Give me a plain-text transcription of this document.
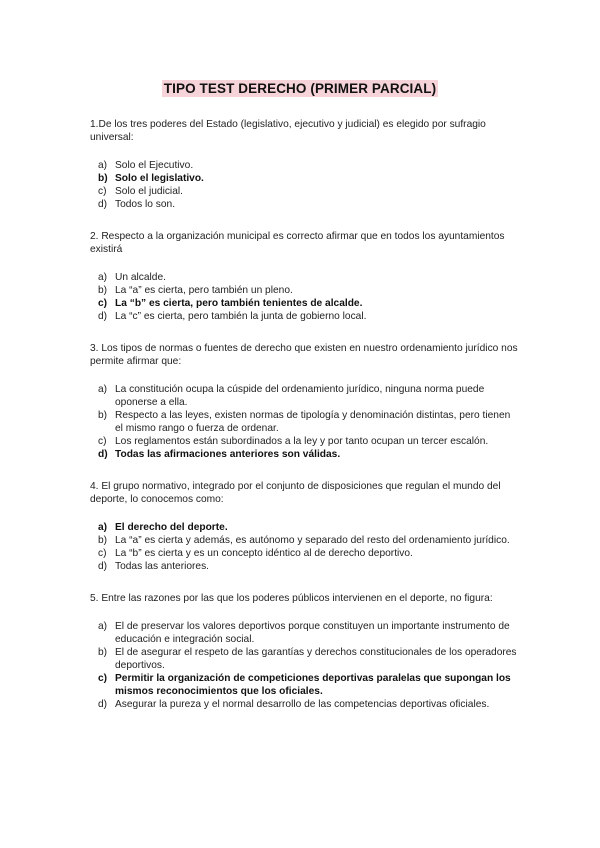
TIPO TEST DERECHO (PRIMER PARCIAL)

1.De los tres poderes del Estado (legislativo, ejecutivo y judicial) es elegido por sufragio universal:

a) Solo el Ejecutivo.
b) Solo el legislativo.
c) Solo el judicial.
d) Todos lo son.

2. Respecto a la organización municipal es correcto afirmar que en todos los ayuntamientos existirá

a) Un alcalde.
b) La “a” es cierta, pero también un pleno.
c) La “b” es cierta, pero también tenientes de alcalde.
d) La “c” es cierta, pero también la junta de gobierno local.

3. Los tipos de normas o fuentes de derecho que existen en nuestro ordenamiento jurídico nos permite afirmar que:

a) La constitución ocupa la cúspide del ordenamiento jurídico, ninguna norma puede oponerse a ella.
b) Respecto a las leyes, existen normas de tipología y denominación distintas, pero tienen el mismo rango o fuerza de ordenar.
c) Los reglamentos están subordinados a la ley y por tanto ocupan un tercer escalón.
d) Todas las afirmaciones anteriores son válidas.

4. El grupo normativo, integrado por el conjunto de disposiciones que regulan el mundo del deporte, lo conocemos como:

a) El derecho del deporte.
b) La “a” es cierta y además, es autónomo y separado del resto del ordenamiento jurídico.
c) La “b” es cierta y es un concepto idéntico al de derecho deportivo.
d) Todas las anteriores.

5. Entre las razones por las que los poderes públicos intervienen en el deporte, no figura:

a) El de preservar los valores deportivos porque constituyen un importante instrumento de educación e integración social.
b) El de asegurar el respeto de las garantías y derechos constitucionales de los operadores deportivos.
c) Permitir la organización de competiciones deportivas paralelas que supongan los mismos reconocimientos que los oficiales.
d) Asegurar la pureza y el normal desarrollo de las competencias deportivas oficiales.
